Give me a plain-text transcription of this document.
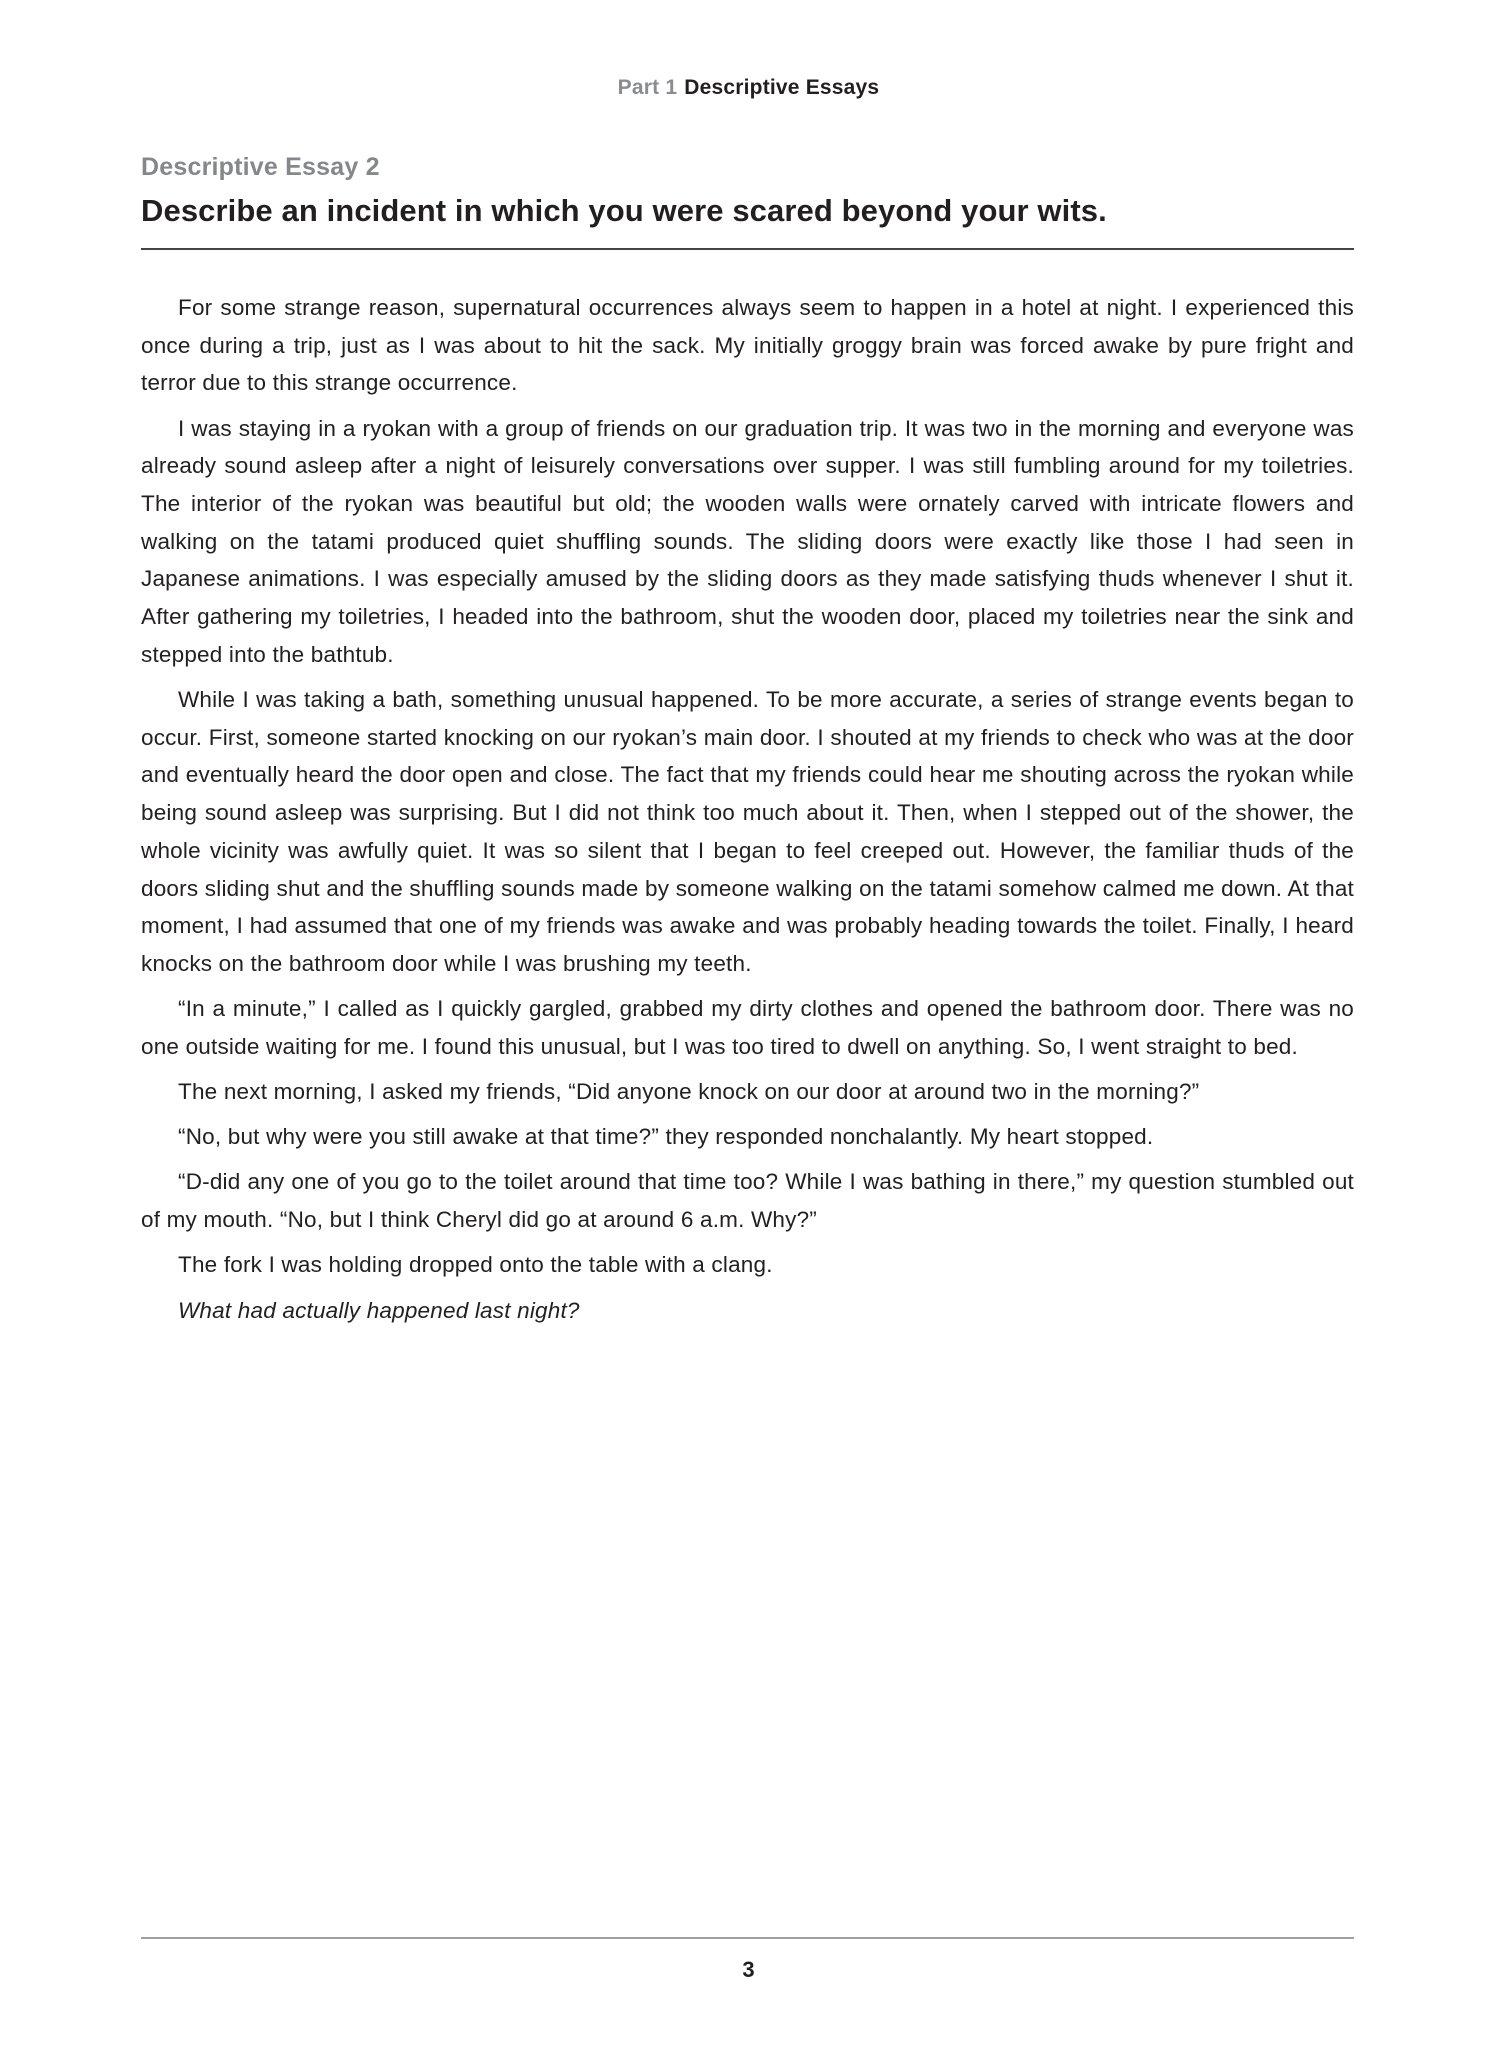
Part 1 Descriptive Essays
Descriptive Essay 2
Describe an incident in which you were scared beyond your wits.

For some strange reason, supernatural occurrences always seem to happen in a hotel at night. I experienced this once during a trip, just as I was about to hit the sack. My initially groggy brain was forced awake by pure fright and terror due to this strange occurrence.

I was staying in a ryokan with a group of friends on our graduation trip. It was two in the morning and everyone was already sound asleep after a night of leisurely conversations over supper. I was still fumbling around for my toiletries. The interior of the ryokan was beautiful but old; the wooden walls were ornately carved with intricate flowers and walking on the tatami produced quiet shuffling sounds. The sliding doors were exactly like those I had seen in Japanese animations. I was especially amused by the sliding doors as they made satisfying thuds whenever I shut it. After gathering my toiletries, I headed into the bathroom, shut the wooden door, placed my toiletries near the sink and stepped into the bathtub.

While I was taking a bath, something unusual happened. To be more accurate, a series of strange events began to occur. First, someone started knocking on our ryokan’s main door. I shouted at my friends to check who was at the door and eventually heard the door open and close. The fact that my friends could hear me shouting across the ryokan while being sound asleep was surprising. But I did not think too much about it. Then, when I stepped out of the shower, the whole vicinity was awfully quiet. It was so silent that I began to feel creeped out. However, the familiar thuds of the doors sliding shut and the shuffling sounds made by someone walking on the tatami somehow calmed me down. At that moment, I had assumed that one of my friends was awake and was probably heading towards the toilet. Finally, I heard knocks on the bathroom door while I was brushing my teeth.

“In a minute,” I called as I quickly gargled, grabbed my dirty clothes and opened the bathroom door. There was no one outside waiting for me. I found this unusual, but I was too tired to dwell on anything. So, I went straight to bed.

The next morning, I asked my friends, “Did anyone knock on our door at around two in the morning?”

“No, but why were you still awake at that time?” they responded nonchalantly. My heart stopped.

“D-did any one of you go to the toilet around that time too? While I was bathing in there,” my question stumbled out of my mouth. “No, but I think Cheryl did go at around 6 a.m. Why?”

The fork I was holding dropped onto the table with a clang.

What had actually happened last night?

3
